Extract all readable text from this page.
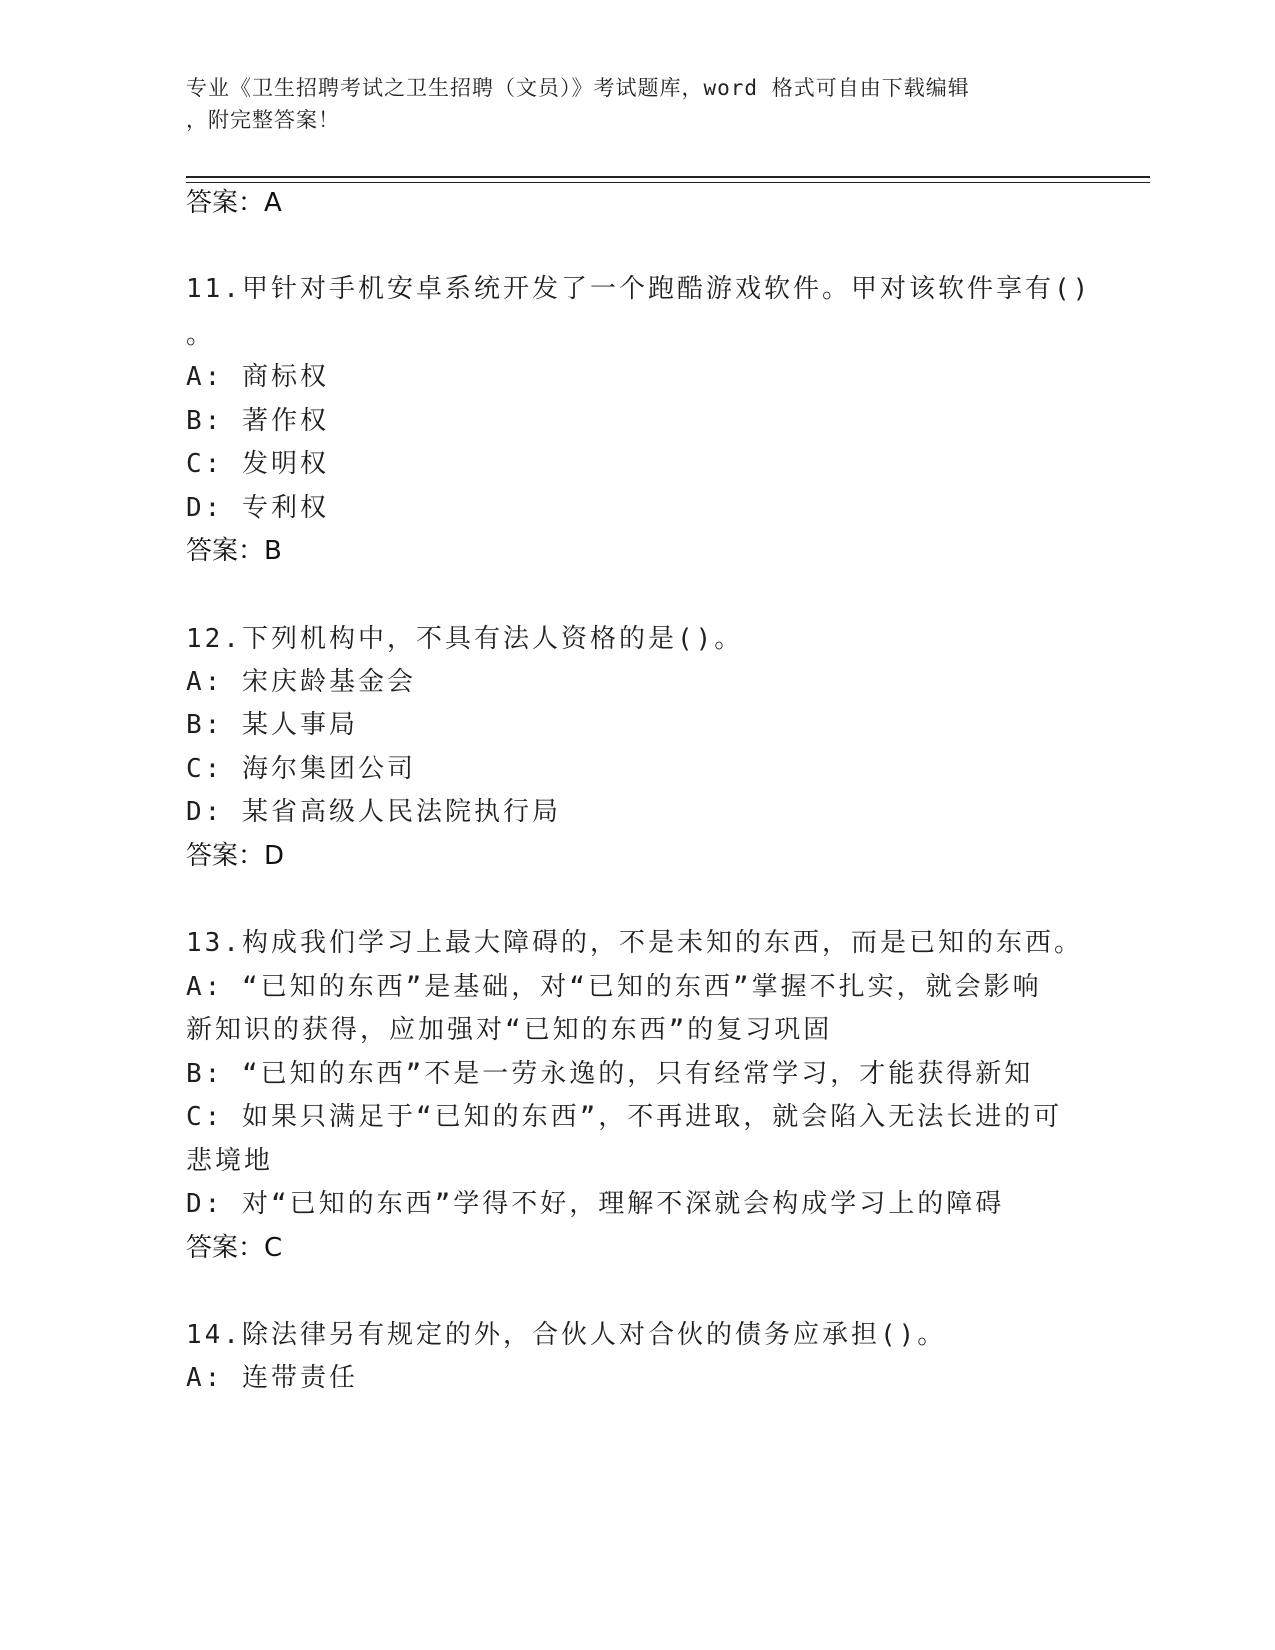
专业《卫生招聘考试之卫生招聘（文员）》考试题库，word 格式可自由下载编辑
，附完整答案！
答案：A
11.甲针对手机安卓系统开发了一个跑酷游戏软件。甲对该软件享有()
。
A: 商标权
B: 著作权
C: 发明权
D: 专利权
答案：B
12.下列机构中，不具有法人资格的是()。
A: 宋庆龄基金会
B: 某人事局
C: 海尔集团公司
D: 某省高级人民法院执行局
答案：D
13.构成我们学习上最大障碍的，不是未知的东西，而是已知的东西。
A: “已知的东西”是基础，对“已知的东西”掌握不扎实，就会影响
新知识的获得，应加强对“已知的东西”的复习巩固
B: “已知的东西”不是一劳永逸的，只有经常学习，才能获得新知
C: 如果只满足于“已知的东西”，不再进取，就会陷入无法长进的可
悲境地
D: 对“已知的东西”学得不好，理解不深就会构成学习上的障碍
答案：C
14.除法律另有规定的外，合伙人对合伙的债务应承担()。
A: 连带责任
